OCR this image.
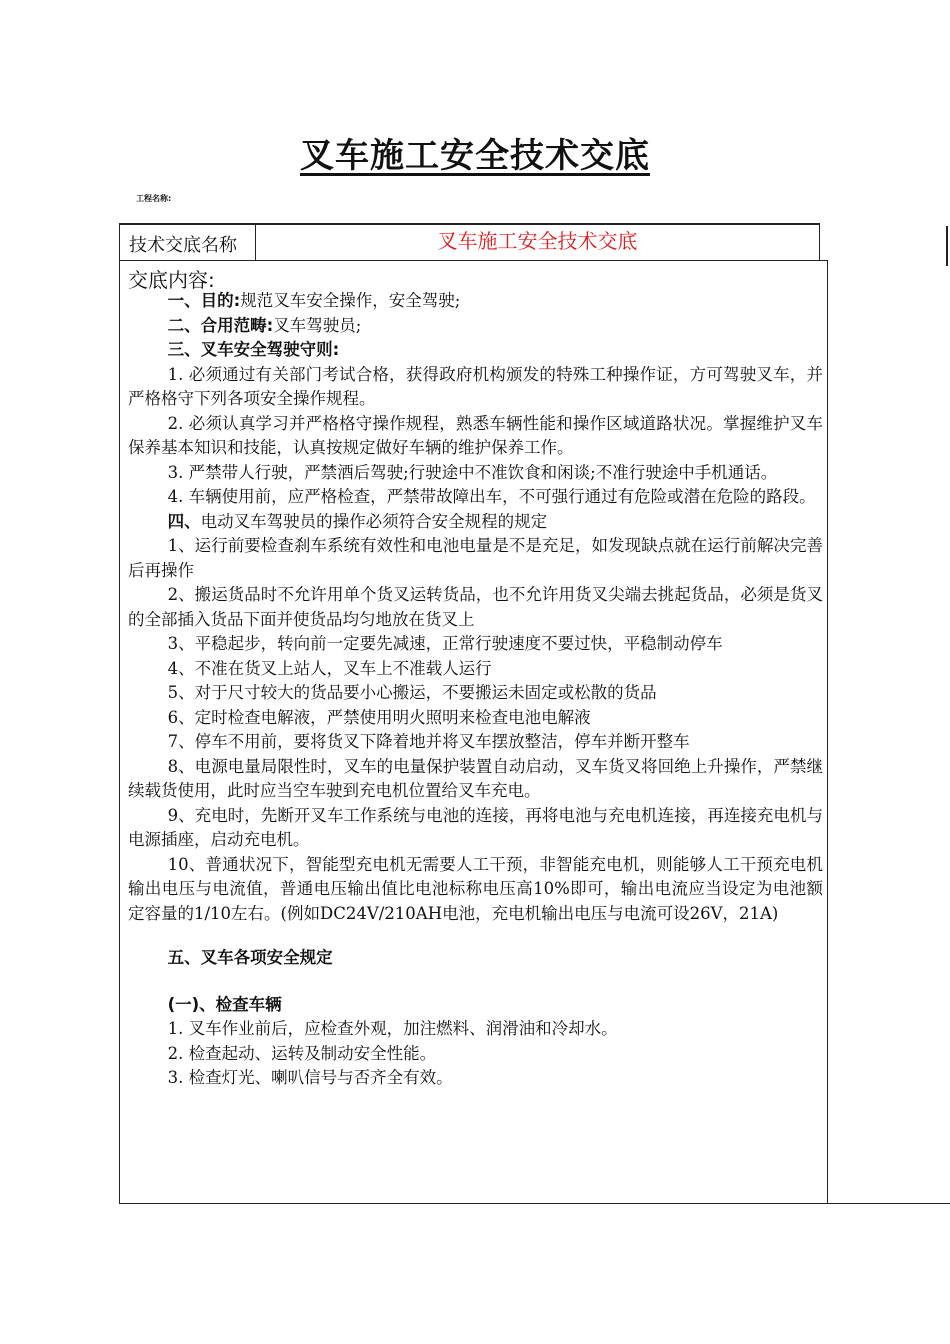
叉车施工安全技术交底
工程名称:
技术交底名称	叉车施工安全技术交底
交底内容:

一、目的:规范叉车安全操作，安全驾驶;

二、合用范畴:叉车驾驶员;

三、叉车安全驾驶守则:

1. 必须通过有关部门考试合格，获得政府机构颁发的特殊工种操作证，方可驾驶叉车，并严格格守下列各项安全操作规程。

2. 必须认真学习并严格格守操作规程，熟悉车辆性能和操作区域道路状况。掌握维护叉车保养基本知识和技能，认真按规定做好车辆的维护保养工作。

3. 严禁带人行驶，严禁酒后驾驶;行驶途中不准饮食和闲谈;不准行驶途中手机通话。

4. 车辆使用前，应严格检查，严禁带故障出车，不可强行通过有危险或潜在危险的路段。

四、电动叉车驾驶员的操作必须符合安全规程的规定

1、运行前要检查刹车系统有效性和电池电量是不是充足，如发现缺点就在运行前解决完善后再操作

2、搬运货品时不允许用单个货叉运转货品，也不允许用货叉尖端去挑起货品，必须是货叉的全部插入货品下面并使货品均匀地放在货叉上

3、平稳起步，转向前一定要先减速，正常行驶速度不要过快，平稳制动停车

4、不准在货叉上站人，叉车上不准载人运行

5、对于尺寸较大的货品要小心搬运，不要搬运未固定或松散的货品

6、定时检查电解液，严禁使用明火照明来检查电池电解液

7、停车不用前，要将货叉下降着地并将叉车摆放整洁，停车并断开整车

8、电源电量局限性时，叉车的电量保护装置自动启动，叉车货叉将回绝上升操作，严禁继续载货使用，此时应当空车驶到充电机位置给叉车充电。

9、充电时，先断开叉车工作系统与电池的连接，再将电池与充电机连接，再连接充电机与电源插座，启动充电机。

10、普通状况下，智能型充电机无需要人工干预，非智能充电机，则能够人工干预充电机输出电压与电流值，普通电压输出值比电池标称电压高10%即可，输出电流应当设定为电池额定容量的1/10左右。(例如DC24V/210AH电池，充电机输出电压与电流可设26V，21A)

五、叉车各项安全规定

(一)、检查车辆

1. 叉车作业前后，应检查外观，加注燃料、润滑油和冷却水。

2. 检查起动、运转及制动安全性能。

3. 检查灯光、喇叭信号与否齐全有效。
